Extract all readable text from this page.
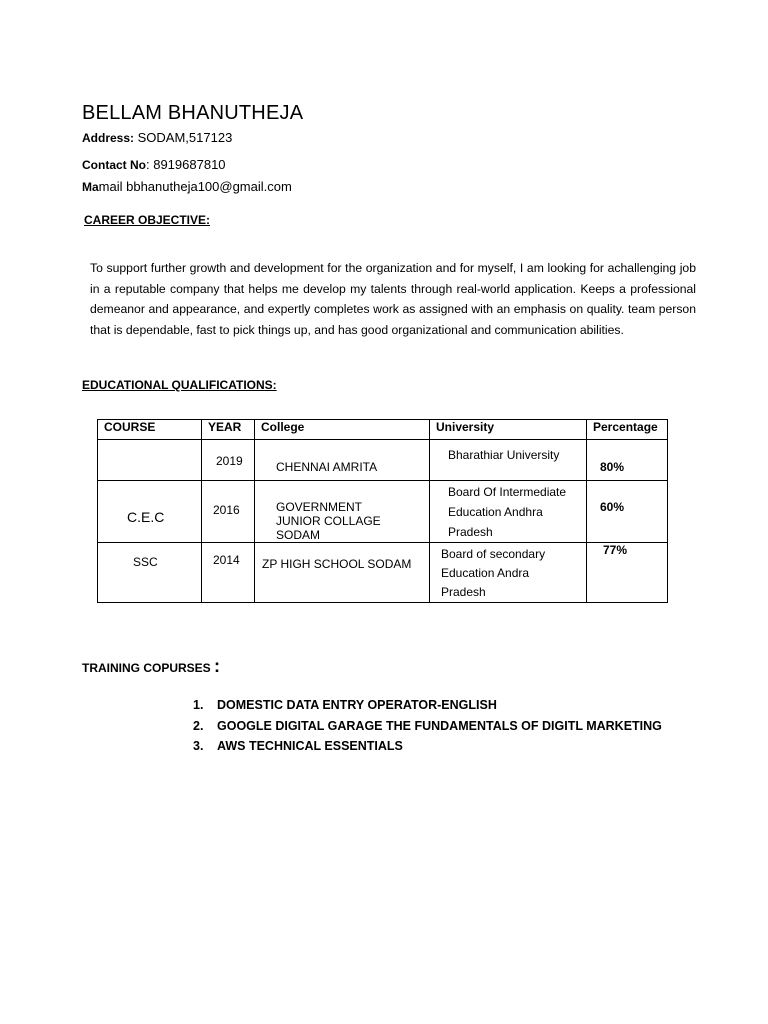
BELLAM BHANUTHEJA
Address: SODAM,517123
Contact No: 8919687810
Mamail bbhanutheja100@gmail.com
CAREER OBJECTIVE:
To support further growth and development for the organization and for myself, I am looking for achallenging job in a reputable company that helps me develop my talents through real-world application. Keeps a professional demeanor and appearance, and expertly completes work as assigned with an emphasis on quality. team person that is dependable, fast to pick things up, and has good organizational and communication abilities.
EDUCATIONAL QUALIFICATIONS:
COURSE	YEAR	College	University	Percentage

	2019	CHENNAI AMRITA	Bharathiar University	80%

C.E.C	2016	GOVERNMENT JUNIOR COLLAGE SODAM	Board Of Intermediate Education Andhra Pradesh	60%

SSC	2014	ZP HIGH SCHOOL SODAM	Board of secondary Education Andra Pradesh	77%
TRAINING COPURSES :
1. DOMESTIC DATA ENTRY OPERATOR-ENGLISH
2. GOOGLE DIGITAL GARAGE THE FUNDAMENTALS OF DIGITL MARKETING
3. AWS TECHNICAL ESSENTIALS
